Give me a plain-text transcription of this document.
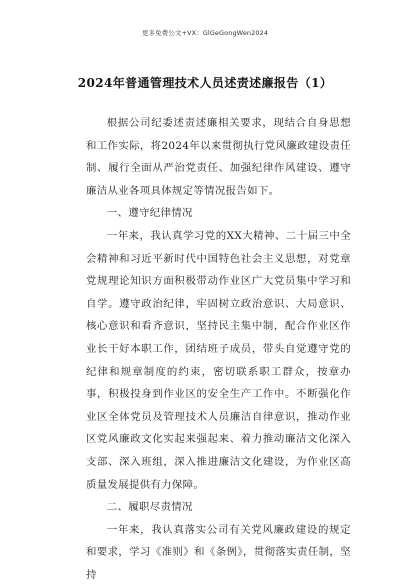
更多免费公文+VX：GlGeGongWen2024
2024年普通管理技术人员述责述廉报告（1）

根据公司纪委述责述廉相关要求，现结合自身思想和工作实际，将2024年以来贯彻执行党风廉政建设责任制、履行全面从严治党责任、加强纪律作风建设、遵守廉洁从业各项具体规定等情况报告如下。

一、遵守纪律情况

一年来，我认真学习党的XX大精神、二十届三中全会精神和习近平新时代中国特色社会主义思想，对党章党规理论知识方面积极带动作业区广大党员集中学习和自学。遵守政治纪律，牢固树立政治意识、大局意识、核心意识和看齐意识，坚持民主集中制，配合作业区作业长干好本职工作，团结班子成员，带头自觉遵守党的纪律和规章制度的约束，密切联系职工群众，按章办事，积极投身到作业区的安全生产工作中。不断强化作业区全体党员及管理技术人员廉洁自律意识，推动作业区党风廉政文化实起来强起来、着力推动廉洁文化深入支部、深入班组，深入推进廉洁文化建设，为作业区高质量发展提供有力保障。

二、履职尽责情况

一年来，我认真落实公司有关党风廉政建设的规定和要求，学习《准则》和《条例》，贯彻落实责任制，坚持
